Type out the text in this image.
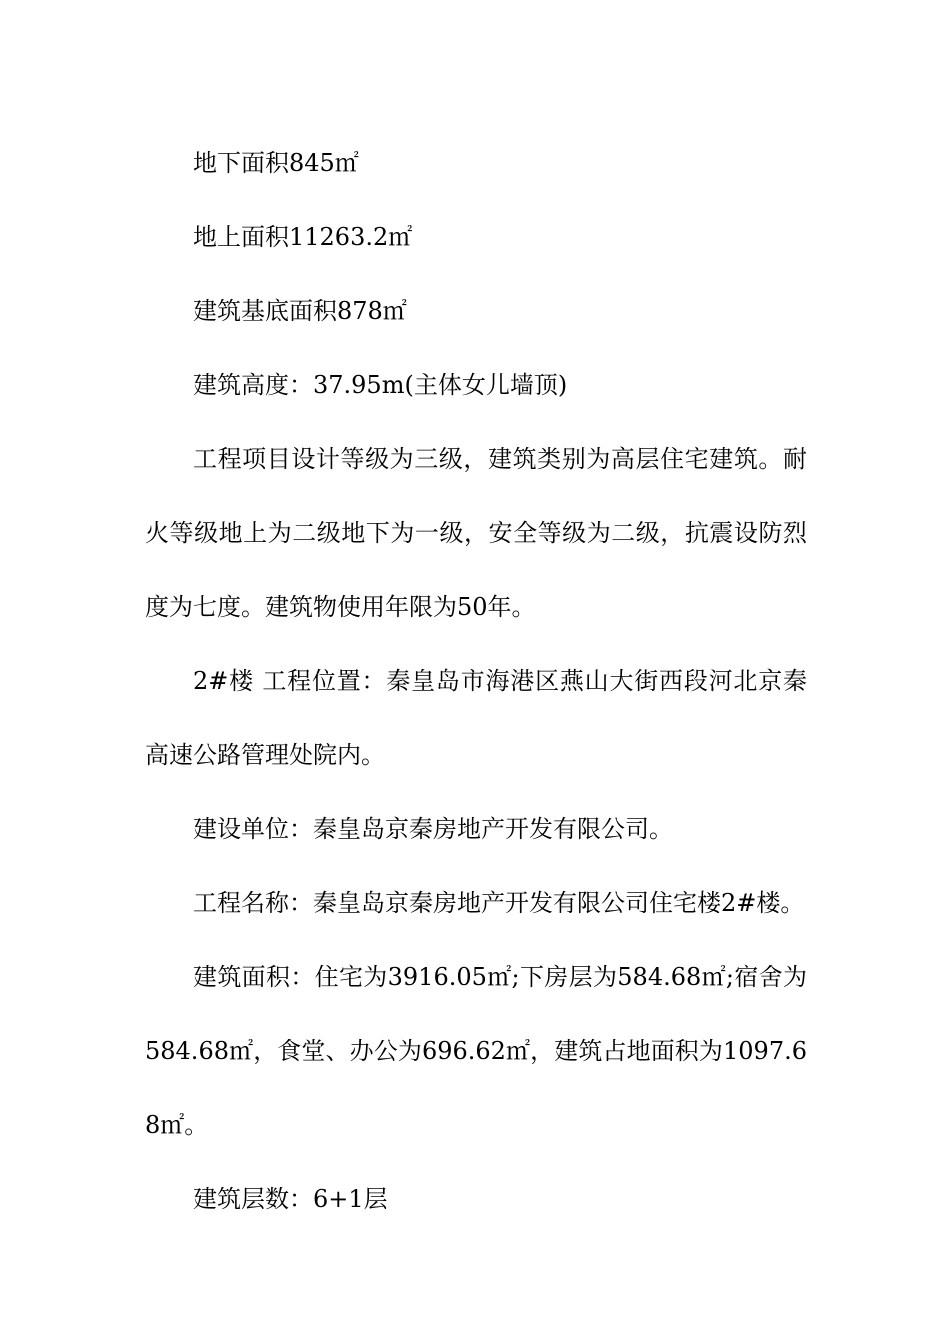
地下面积845㎡

地上面积11263.2㎡

建筑基底面积878㎡

建筑高度：37.95m(主体女儿墙顶)

工程项目设计等级为三级，建筑类别为高层住宅建筑。耐火等级地上为二级地下为一级，安全等级为二级，抗震设防烈度为七度。建筑物使用年限为50年。

2#楼 工程位置：秦皇岛市海港区燕山大街西段河北京秦高速公路管理处院内。

建设单位：秦皇岛京秦房地产开发有限公司。

工程名称：秦皇岛京秦房地产开发有限公司住宅楼2#楼。

建筑面积：住宅为3916.05㎡;下房层为584.68㎡;宿舍为584.68㎡，食堂、办公为696.62㎡，建筑占地面积为1097.68㎡。

建筑层数：6+1层
